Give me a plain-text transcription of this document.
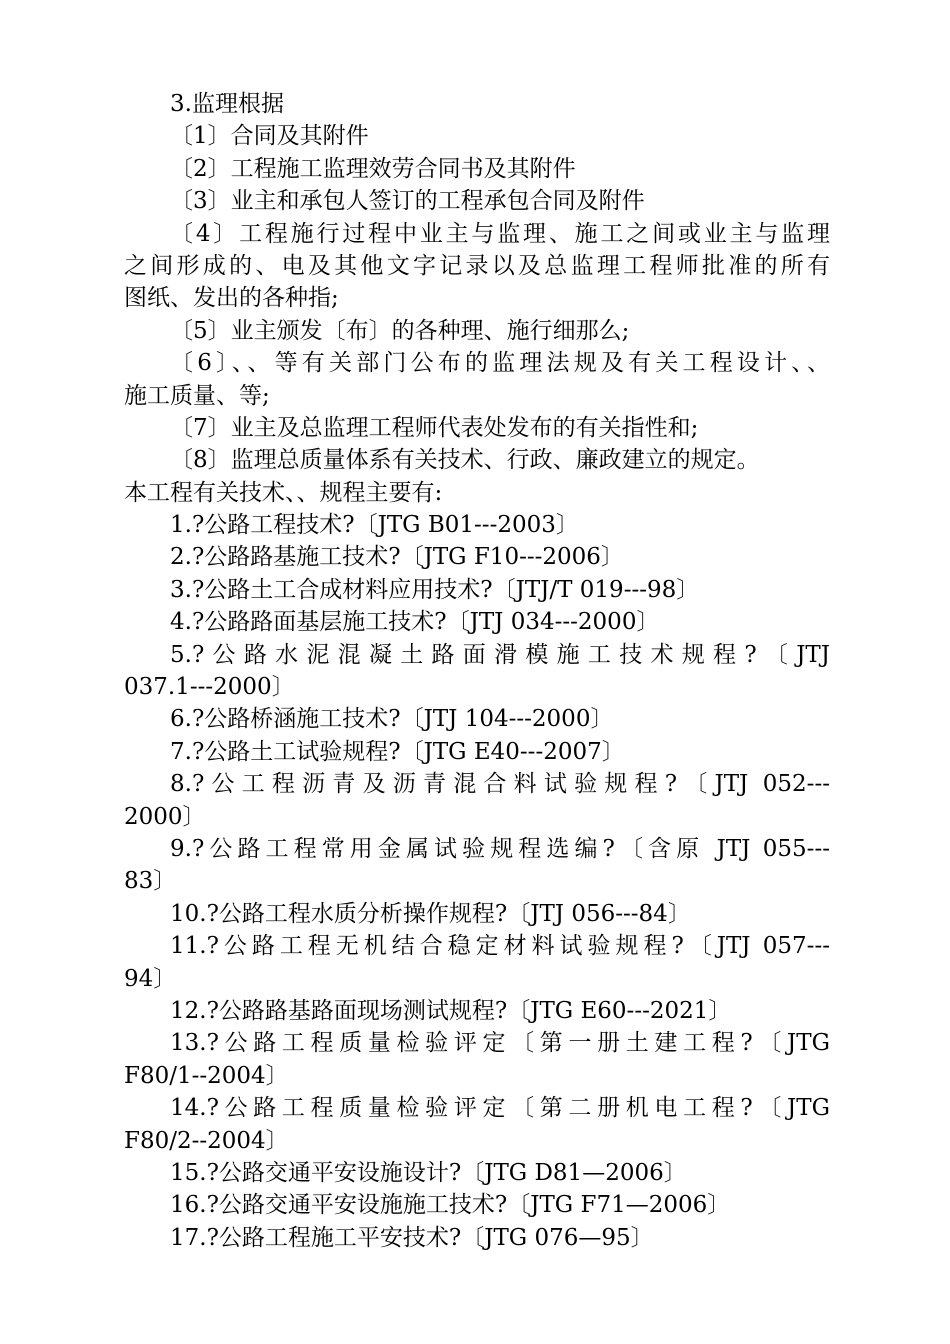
3.监理根据
〔1〕合同及其附件
〔2〕工程施工监理效劳合同书及其附件
〔3〕业主和承包人签订的工程承包合同及附件
〔4〕工程施行过程中业主与监理、施工之间或业主与监理
之间形成的、电及其他文字记录以及总监理工程师批准的所有
图纸、发出的各种指;
〔5〕业主颁发〔布〕的各种理、施行细那么;
〔6〕、、等有关部门公布的监理法规及有关工程设计、、
施工质量、等;
〔7〕业主及总监理工程师代表处发布的有关指性和;
〔8〕监理总质量体系有关技术、行政、廉政建立的规定。
本工程有关技术、、规程主要有:
1.?公路工程技术?〔JTG B01---2003〕
2.?公路路基施工技术?〔JTG F10---2006〕
3.?公路土工合成材料应用技术?〔JTJ/T 019---98〕
4.?公路路面基层施工技术?〔JTJ 034---2000〕
5.?公路水泥混凝土路面滑模施工技术规程?〔JTJ
037.1---2000〕
6.?公路桥涵施工技术?〔JTJ 104---2000〕
7.?公路土工试验规程?〔JTG E40---2007〕
8.?公工程沥青及沥青混合料试验规程?〔JTJ 052---
2000〕
9.?公路工程常用金属试验规程选编?〔含原 JTJ 055---
83〕
10.?公路工程水质分析操作规程?〔JTJ 056---84〕
11.?公路工程无机结合稳定材料试验规程?〔JTJ 057---
94〕
12.?公路路基路面现场测试规程?〔JTG E60---2021〕
13.?公路工程质量检验评定〔第一册土建工程?〔JTG
F80/1--2004〕
14.?公路工程质量检验评定〔第二册机电工程?〔JTG
F80/2--2004〕
15.?公路交通平安设施设计?〔JTG D81—2006〕
16.?公路交通平安设施施工技术?〔JTG F71—2006〕
17.?公路工程施工平安技术?〔JTG 076—95〕
